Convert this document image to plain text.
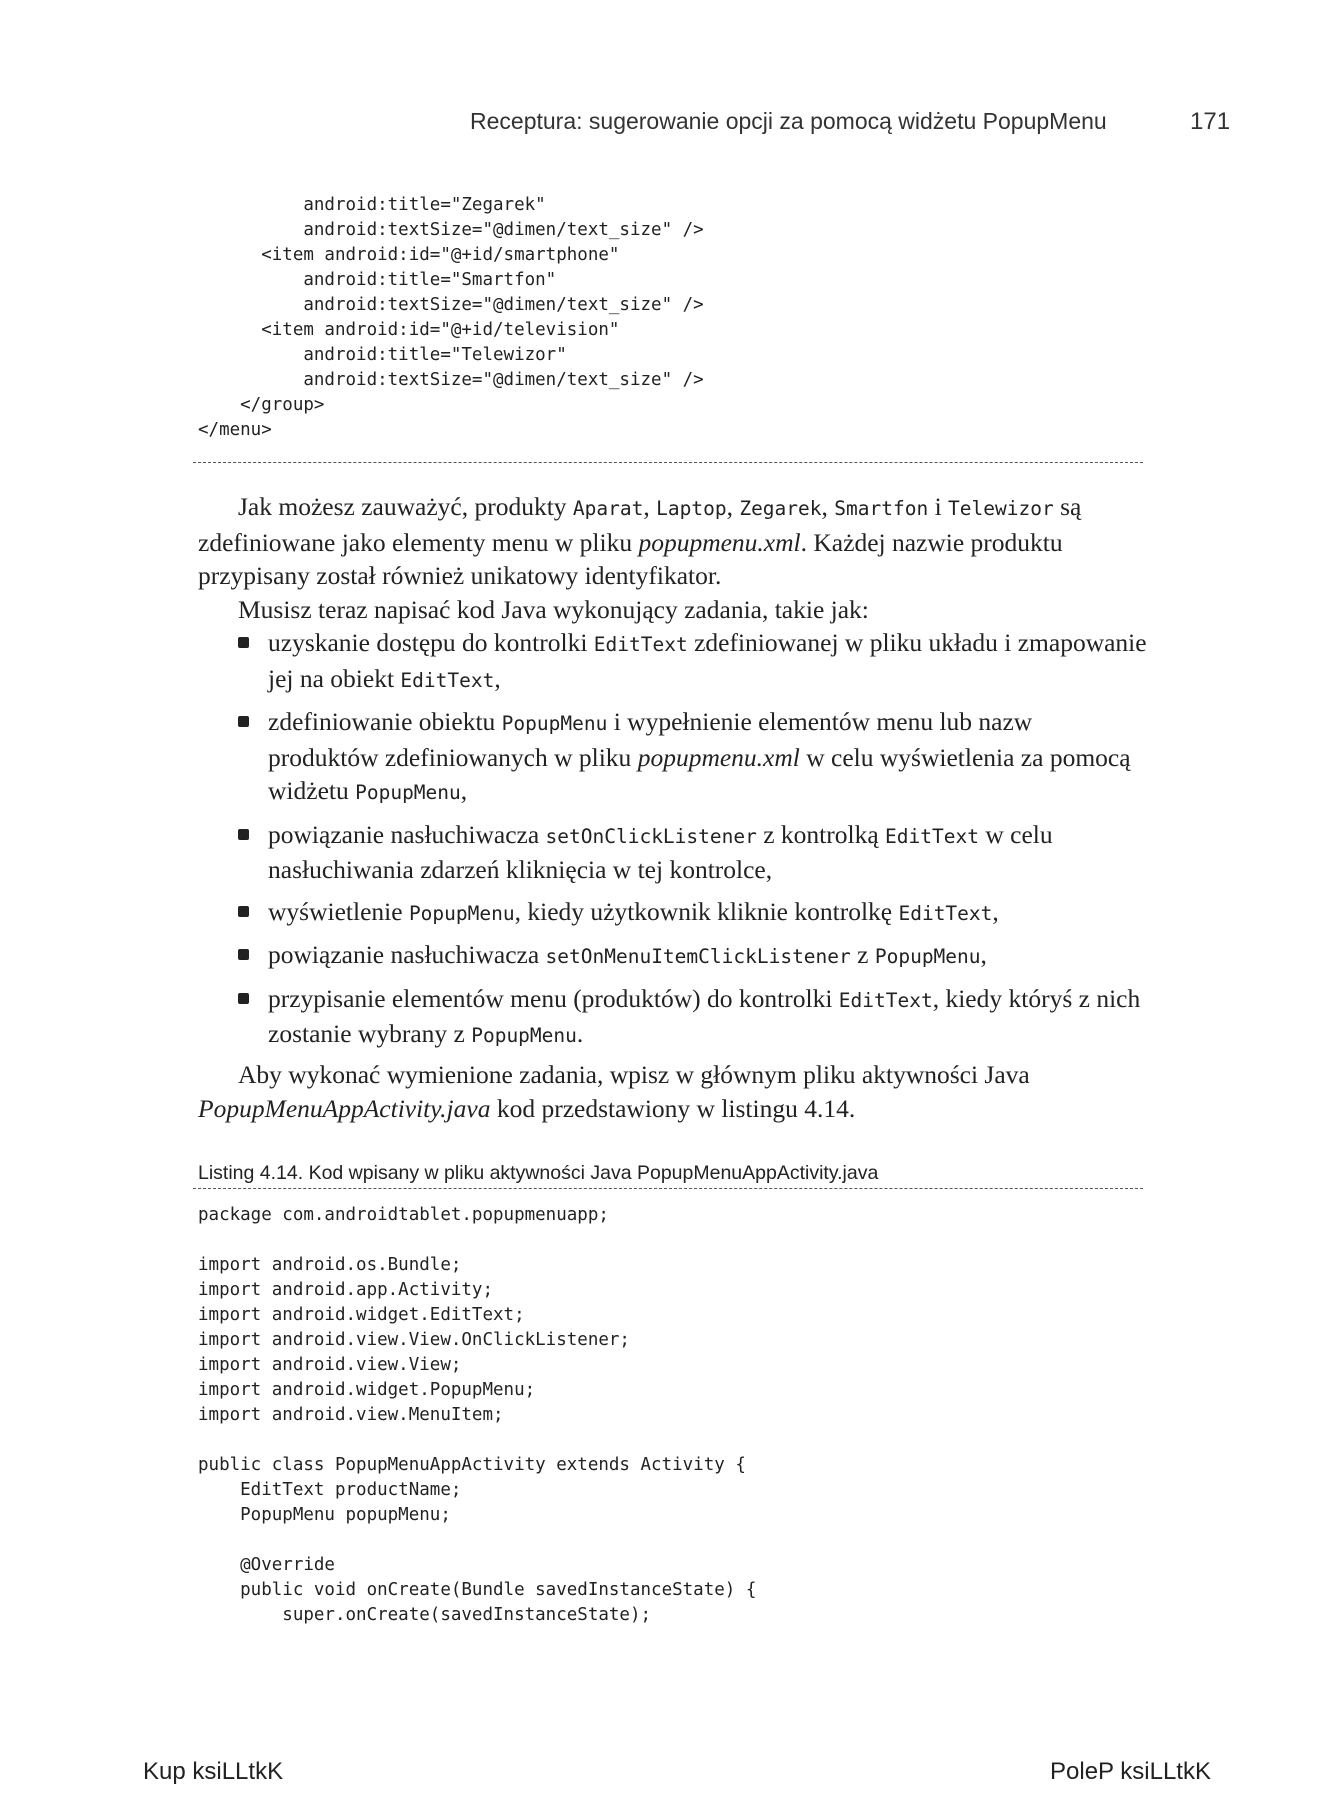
Receptura: sugerowanie opcji za pomocą widżetu PopupMenu	171
android:title="Zegarek"
android:textSize="@dimen/text_size" />
<item android:id="@+id/smartphone"
android:title="Smartfon"
android:textSize="@dimen/text_size" />
<item android:id="@+id/television"
android:title="Telewizor"
android:textSize="@dimen/text_size" />
</group>
</menu>
Jak możesz zauważyć, produkty Aparat, Laptop, Zegarek, Smartfon i Telewizor są zdefiniowane jako elementy menu w pliku popupmenu.xml. Każdej nazwie produktu przypisany został również unikatowy identyfikator.
Musisz teraz napisać kod Java wykonujący zadania, takie jak:
uzyskanie dostępu do kontrolki EditText zdefiniowanej w pliku układu i zmapowanie jej na obiekt EditText,
zdefiniowanie obiektu PopupMenu i wypełnienie elementów menu lub nazw produktów zdefiniowanych w pliku popupmenu.xml w celu wyświetlenia za pomocą widżetu PopupMenu,
powiązanie nasłuchiwacza setOnClickListener z kontrolką EditText w celu nasłuchiwania zdarzeń kliknięcia w tej kontrolce,
wyświetlenie PopupMenu, kiedy użytkownik kliknie kontrolkę EditText,
powiązanie nasłuchiwacza setOnMenuItemClickListener z PopupMenu,
przypisanie elementów menu (produktów) do kontrolki EditText, kiedy któryś z nich zostanie wybrany z PopupMenu.
Aby wykonać wymienione zadania, wpisz w głównym pliku aktywności Java PopupMenuAppActivity.java kod przedstawiony w listingu 4.14.
Listing 4.14. Kod wpisany w pliku aktywności Java PopupMenuAppActivity.java
package com.androidtablet.popupmenuapp;

import android.os.Bundle;
import android.app.Activity;
import android.widget.EditText;
import android.view.View.OnClickListener;
import android.view.View;
import android.widget.PopupMenu;
import android.view.MenuItem;

public class PopupMenuAppActivity extends Activity {
EditText productName;
PopupMenu popupMenu;

@Override
public void onCreate(Bundle savedInstanceState) {
super.onCreate(savedInstanceState);
Kup ksiLLtkK	PoleP ksiLLtkK
